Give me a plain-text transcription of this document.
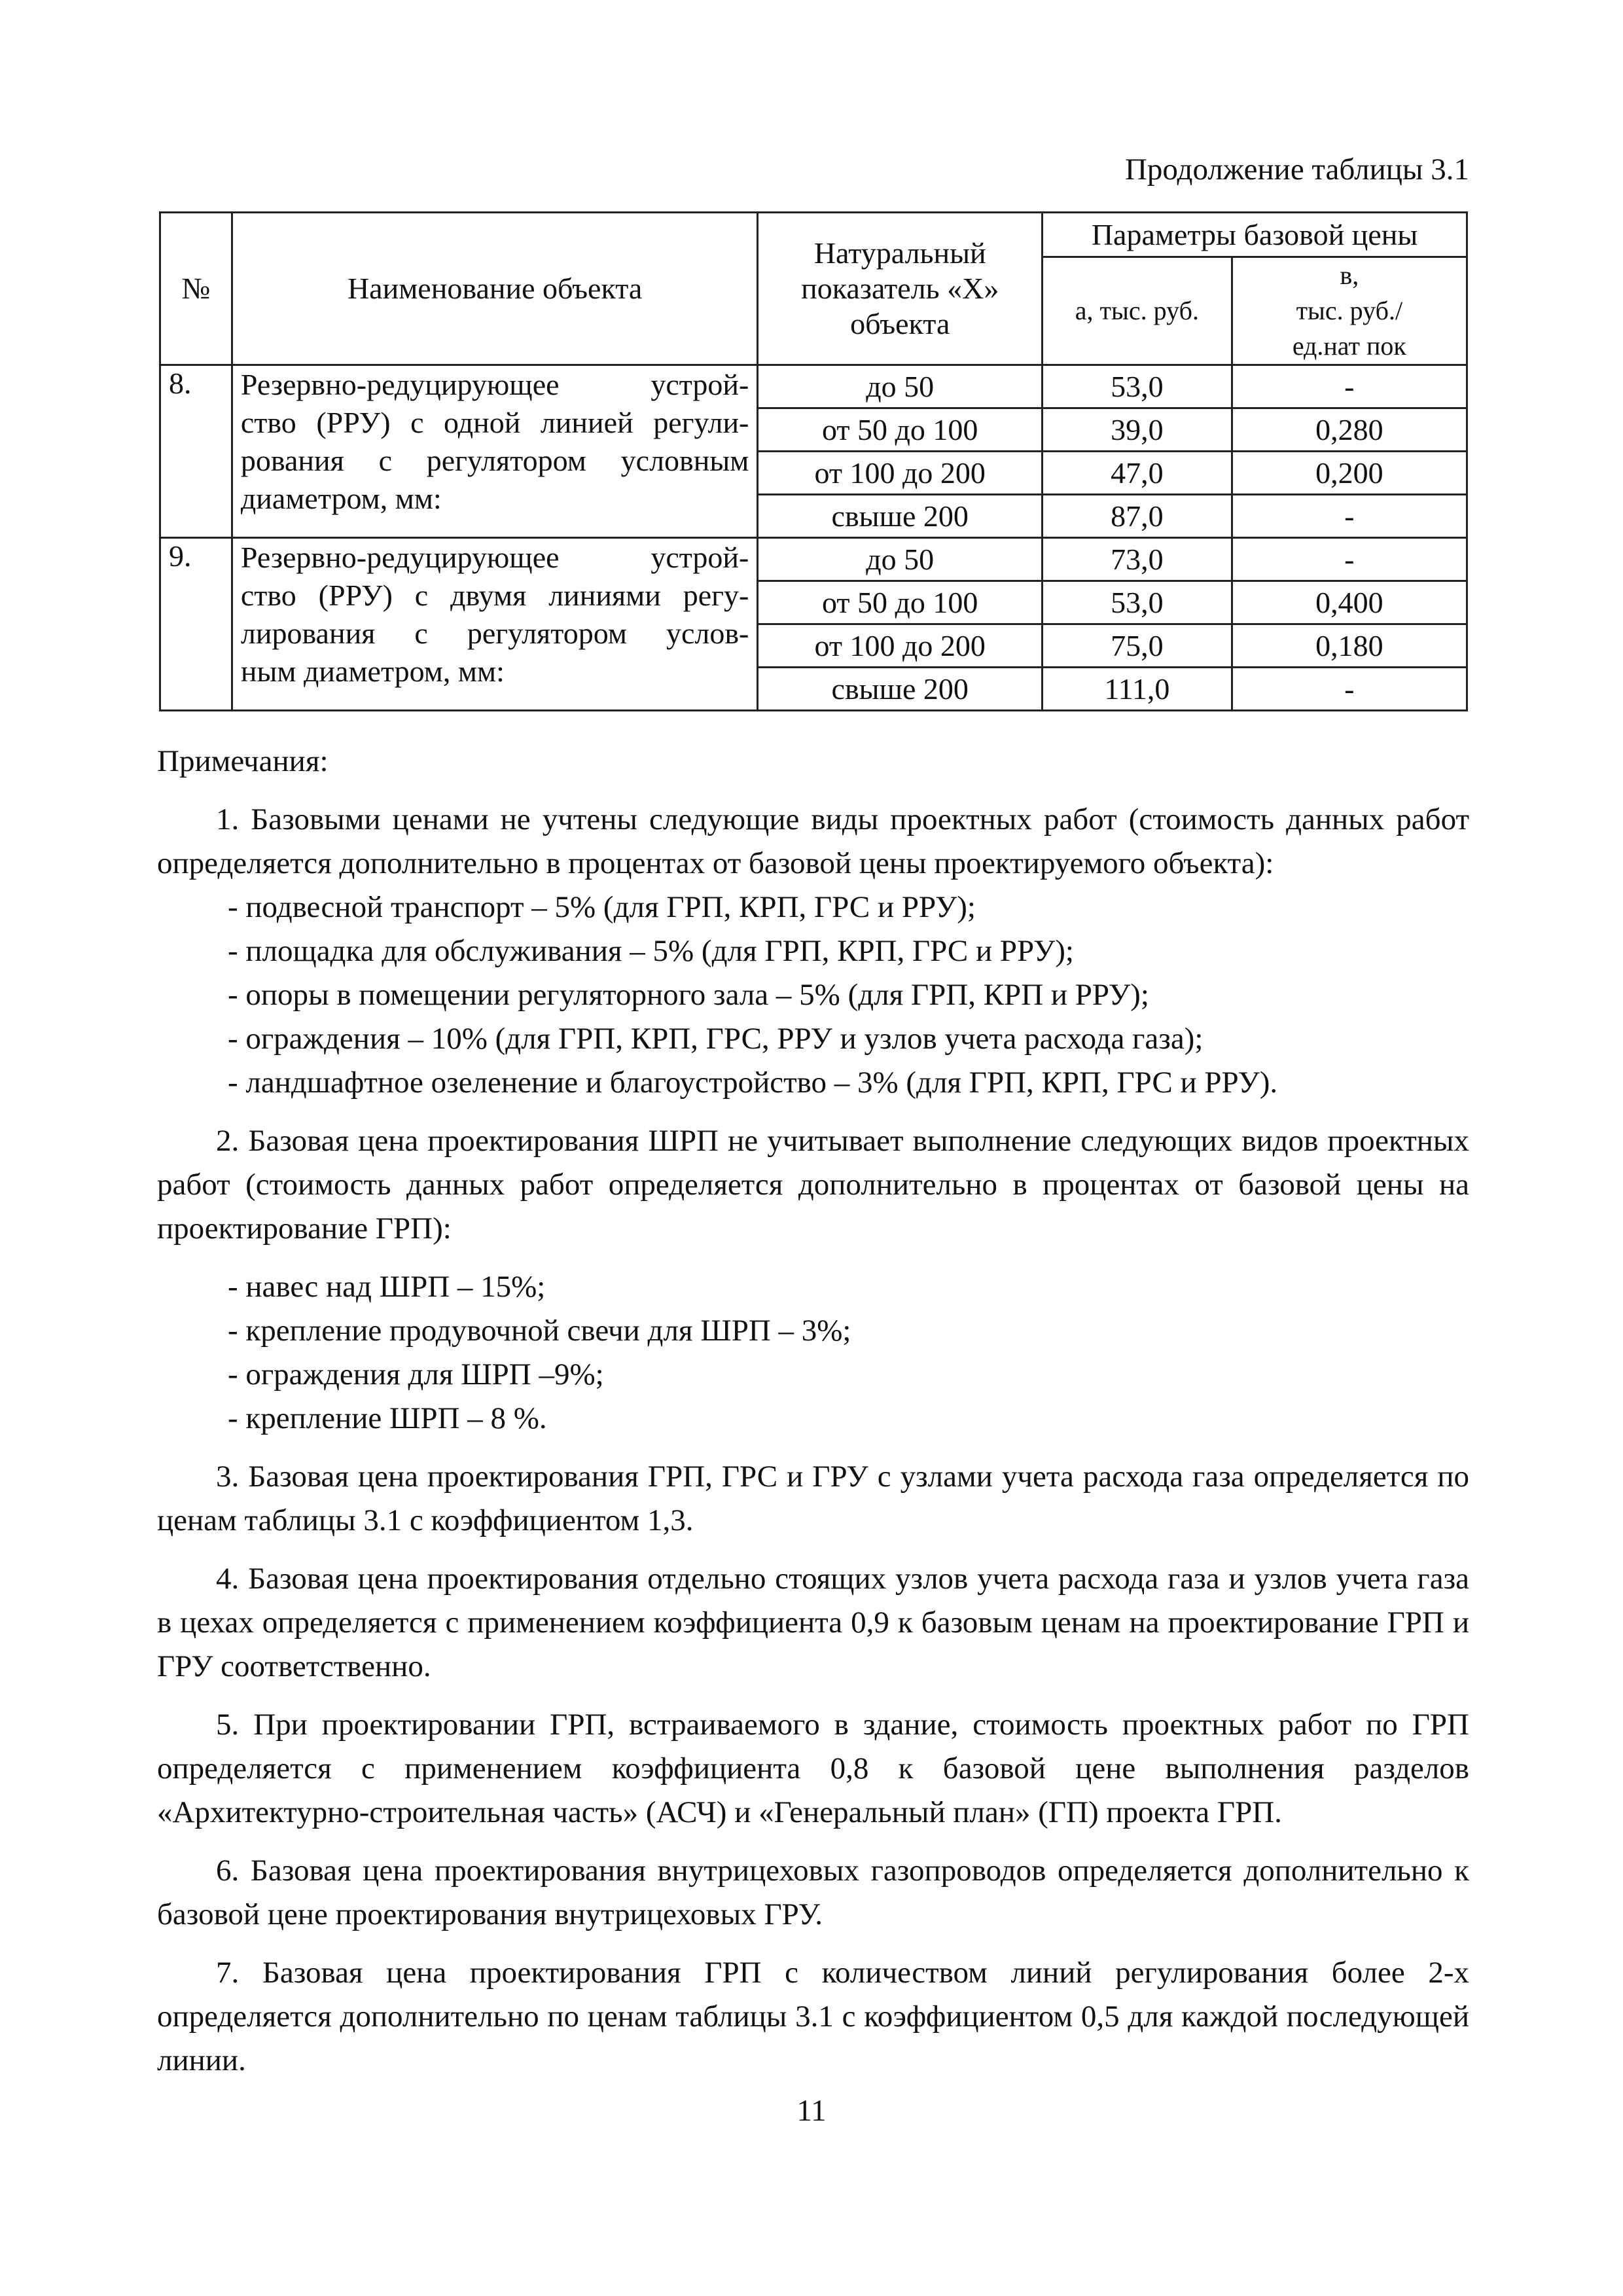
Продолжение таблицы 3.1
№	Наименование объекта	Натуральный показатель «Х» объекта	Параметры базовой цены	
			а, тыс. руб.	в,
тыс. руб./
ед.нат пок

8.	Резервно-редуцирующее устрой-
ство (РРУ) с одной линией регули-
рования с регулятором условным
диаметром, мм:	до 50	53,0	-
		от 50 до 100	39,0	0,280
		от 100 до 200	47,0	0,200
		свыше 200	87,0	-
9.	Резервно-редуцирующее устрой-
ство (РРУ) с двумя линиями регу-
лирования с регулятором услов-
ным диаметром, мм:	до 50	73,0	-
		от 50 до 100	53,0	0,400
		от 100 до 200	75,0	0,180
		свыше 200	111,0	-

Примечания:

1. Базовыми ценами не учтены следующие виды проектных работ (стоимость данных работ определяется дополнительно в процентах от базовой цены проектируемого объекта):

- подвесной транспорт – 5% (для ГРП, КРП, ГРС и РРУ);

- площадка для обслуживания – 5% (для ГРП, КРП, ГРС и РРУ);

- опоры в помещении регуляторного зала – 5% (для ГРП, КРП и РРУ);

- ограждения – 10% (для ГРП, КРП, ГРС, РРУ и узлов учета расхода газа);

- ландшафтное озеленение и благоустройство – 3% (для ГРП, КРП, ГРС и РРУ).

2. Базовая цена проектирования ШРП не учитывает выполнение следующих видов проектных работ (стоимость данных работ определяется дополнительно в процентах от базовой цены на проектирование ГРП):

- навес над ШРП – 15%;

- крепление продувочной свечи для ШРП – 3%;

- ограждения для ШРП –9%;

- крепление ШРП – 8 %.

3. Базовая цена проектирования ГРП, ГРС и ГРУ с узлами учета расхода газа определяется по ценам таблицы 3.1 с коэффициентом 1,3.

4. Базовая цена проектирования отдельно стоящих узлов учета расхода газа и узлов учета газа в цехах определяется с применением коэффициента 0,9 к базовым ценам на проектирование ГРП и ГРУ соответственно.

5. При проектировании ГРП, встраиваемого в здание, стоимость проектных работ по ГРП определяется с применением коэффициента 0,8 к базовой цене выполнения разделов «Архитектурно-строительная часть» (АСЧ) и «Генеральный план» (ГП) проекта ГРП.

6. Базовая цена проектирования внутрицеховых газопроводов определяется дополнительно к базовой цене проектирования внутрицеховых ГРУ.

7. Базовая цена проектирования ГРП с количеством линий регулирования более 2-х определяется дополнительно по ценам таблицы 3.1 с коэффициентом 0,5 для каждой последующей линии.

11
